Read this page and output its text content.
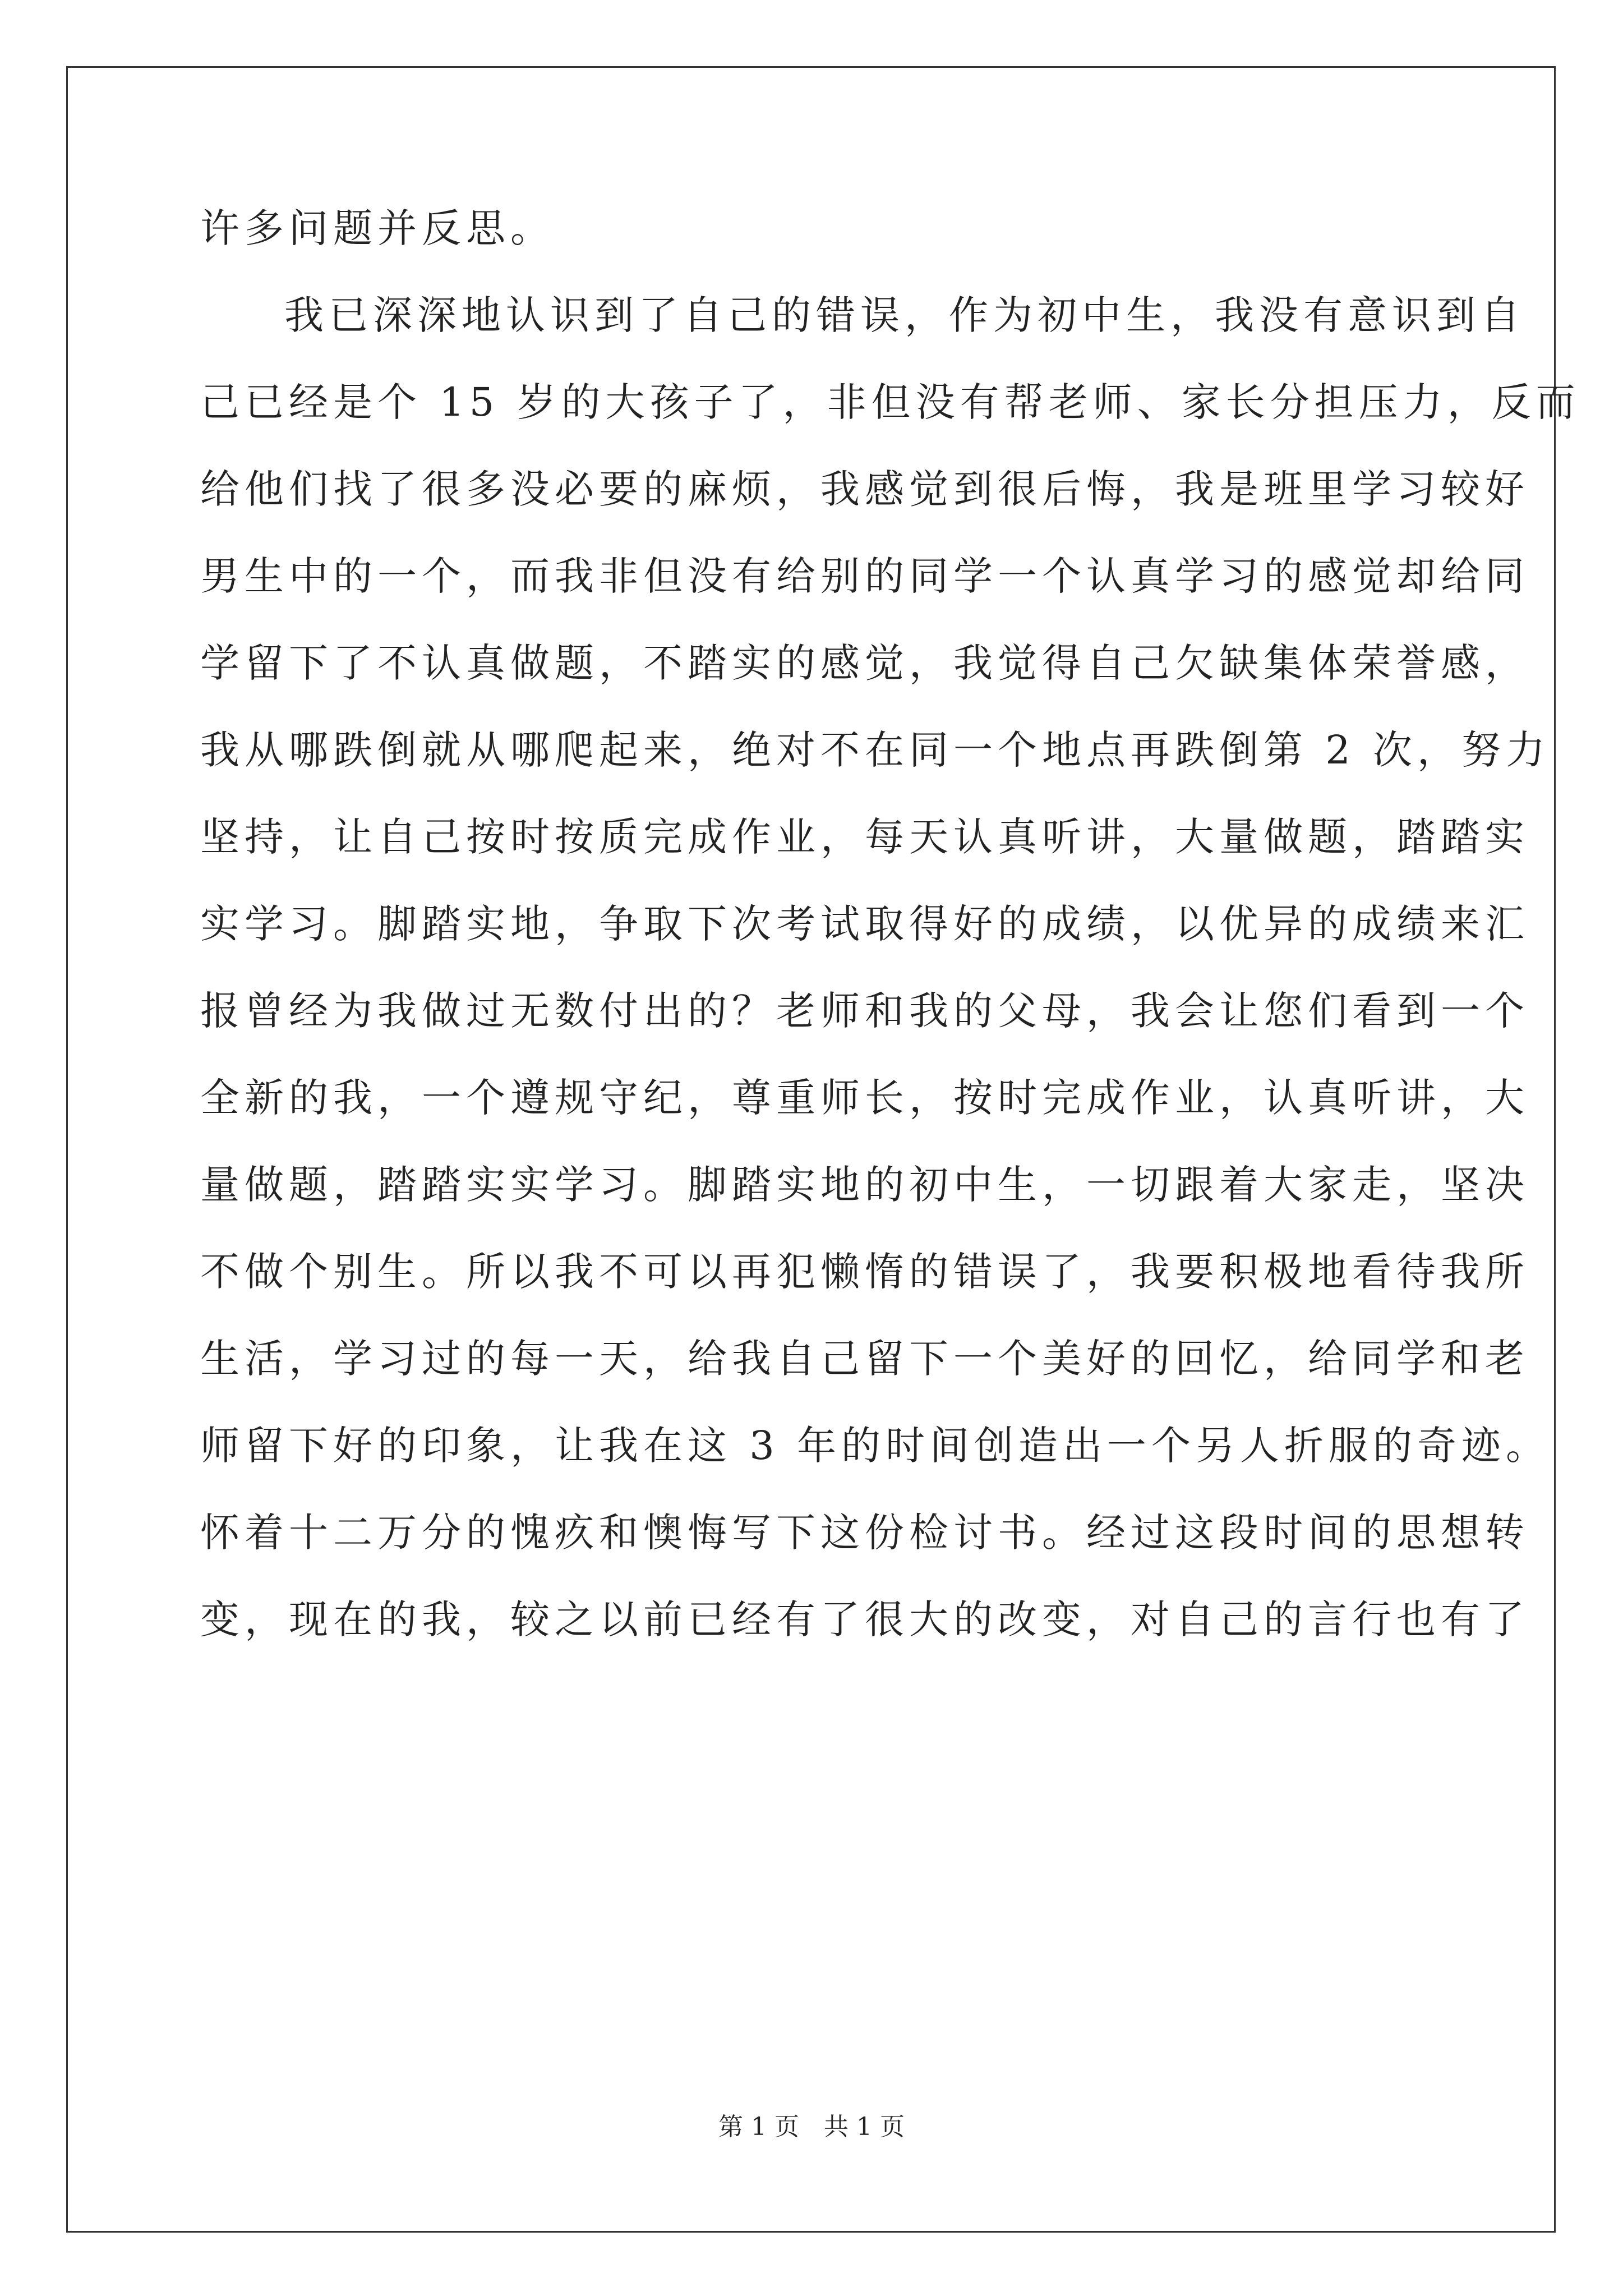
许多问题并反思。
我已深深地认识到了自己的错误，作为初中生，我没有意识到自
己已经是个 15 岁的大孩子了，非但没有帮老师、家长分担压力，反而
给他们找了很多没必要的麻烦，我感觉到很后悔，我是班里学习较好
男生中的一个，而我非但没有给别的同学一个认真学习的感觉却给同
学留下了不认真做题，不踏实的感觉，我觉得自己欠缺集体荣誉感，
我从哪跌倒就从哪爬起来，绝对不在同一个地点再跌倒第 2 次，努力
坚持，让自己按时按质完成作业，每天认真听讲，大量做题，踏踏实
实学习。脚踏实地，争取下次考试取得好的成绩，以优异的成绩来汇
报曾经为我做过无数付出的？老师和我的父母，我会让您们看到一个
全新的我，一个遵规守纪，尊重师长，按时完成作业，认真听讲，大
量做题，踏踏实实学习。脚踏实地的初中生，一切跟着大家走，坚决
不做个别生。所以我不可以再犯懒惰的错误了，我要积极地看待我所
生活，学习过的每一天，给我自己留下一个美好的回忆，给同学和老
师留下好的印象，让我在这 3 年的时间创造出一个另人折服的奇迹。
怀着十二万分的愧疚和懊悔写下这份检讨书。经过这段时间的思想转
变，现在的我，较之以前已经有了很大的改变，对自己的言行也有了
第 1 页　共 1 页
